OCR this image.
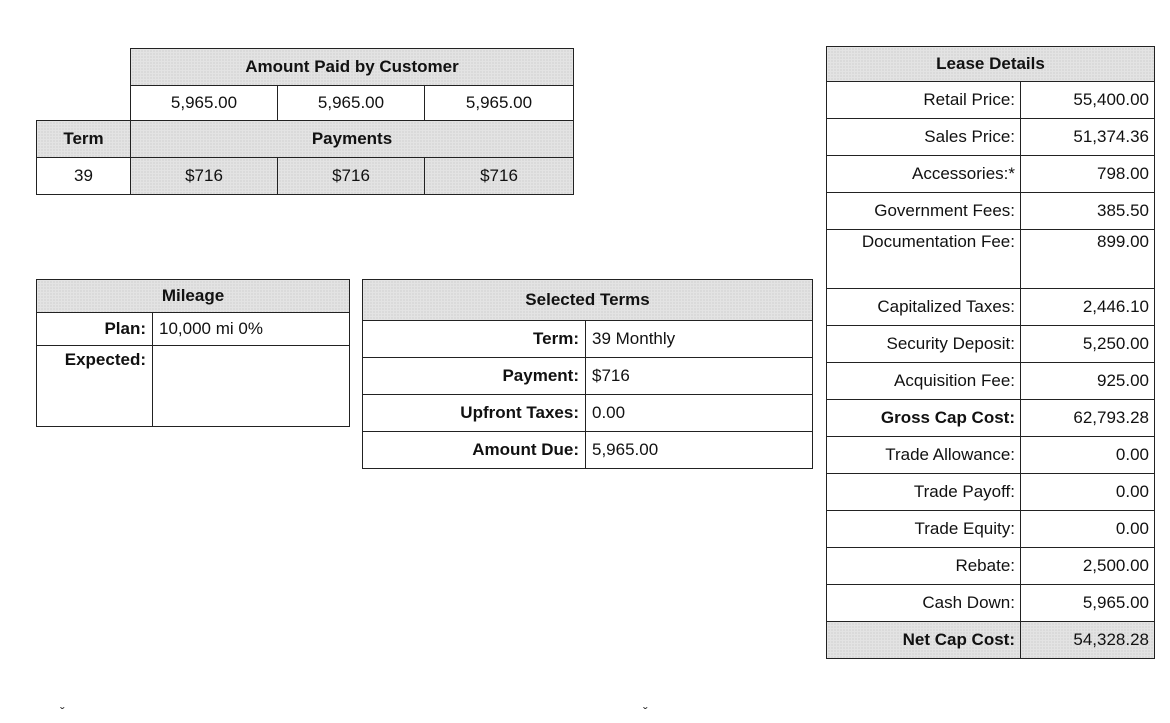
	Amount Paid by Customer		
	5,965.00	5,965.00	5,965.00
Term	Payments		
39	$716	$716	$716
Mileage	
Plan:	10,000 mi 0%
Expected:	
Selected Terms	
Term:	39 Monthly
Payment:	$716
Upfront Taxes:	0.00
Amount Due:	5,965.00
Lease Details	
Retail Price:	55,400.00
Sales Price:	51,374.36
Accessories:*	798.00
Government Fees:	385.50
Documentation Fee:	899.00
Capitalized Taxes:	2,446.10
Security Deposit:	5,250.00
Acquisition Fee:	925.00
Gross Cap Cost:	62,793.28
Trade Allowance:	0.00
Trade Payoff:	0.00
Trade Equity:	0.00
Rebate:	2,500.00
Cash Down:	5,965.00
Net Cap Cost:	54,328.28
ˇ	ˇ
